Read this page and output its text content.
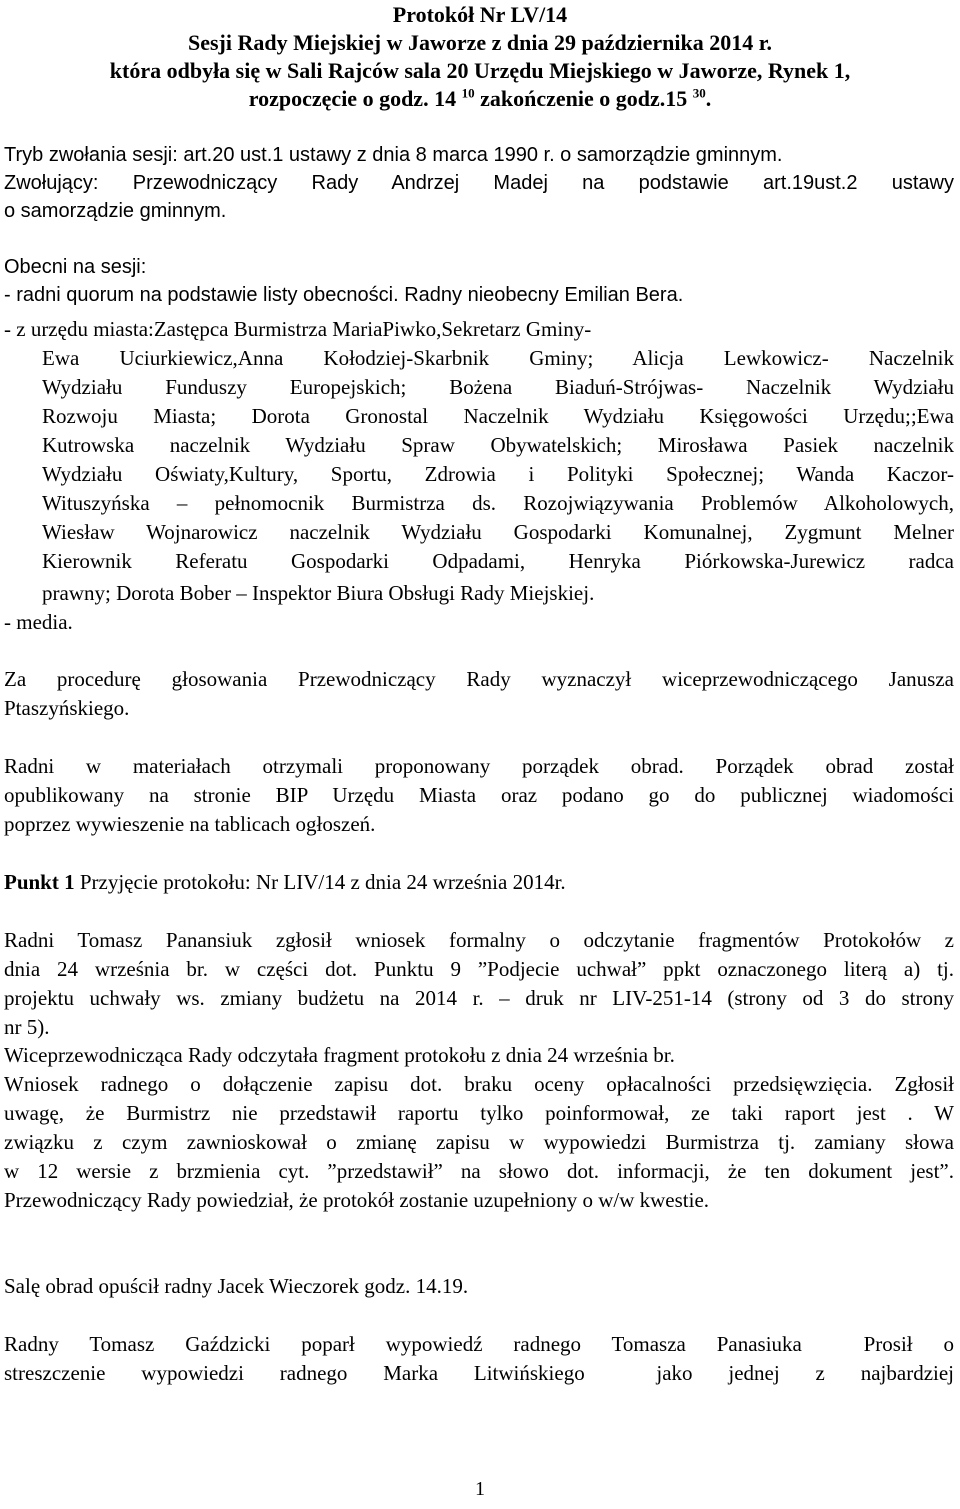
Protokół Nr LV/14
Sesji Rady Miejskiej w Jaworze z dnia 29 października 2014 r.
która odbyła się w Sali Rajców sala 20 Urzędu Miejskiego w Jaworze, Rynek 1,
rozpoczęcie o godz. 14 $^{10}$ zakończenie o godz.15 $^{30}$.
Tryb zwołania sesji: art.20 ust.1 ustawy z dnia 8 marca 1990 r. o samorządzie gminnym.
Zwołujący: Przewodniczący Rady Andrzej Madej na podstawie art.19ust.2 ustawy
o samorządzie gminnym.
Obecni na sesji:
- radni quorum na podstawie listy obecności. Radny nieobecny Emilian Bera.
- z urzędu miasta:Zastępca Burmistrza MariaPiwko,Sekretarz Gminy-
Ewa Uciurkiewicz,Anna Kołodziej-Skarbnik Gminy; Alicja Lewkowicz- Naczelnik
Wydziału Funduszy Europejskich; Bożena Biaduń-Strójwas- Naczelnik Wydziału
Rozwoju Miasta; Dorota Gronostal Naczelnik Wydziału Księgowości Urzędu;;Ewa
Kutrowska naczelnik Wydziału Spraw Obywatelskich; Mirosława Pasiek naczelnik
Wydziału Oświaty,Kultury, Sportu, Zdrowia i Polityki Społecznej; Wanda Kaczor-
Wituszyńska – pełnomocnik Burmistrza ds. Rozojwiązywania Problemów Alkoholowych,
Wiesław Wojnarowicz naczelnik Wydziału Gospodarki Komunalnej, Zygmunt Melner
Kierownik Referatu Gospodarki Odpadami, Henryka Piórkowska-Jurewicz radca
prawny; Dorota Bober – Inspektor Biura Obsługi Rady Miejskiej.
- media.
Za procedurę głosowania Przewodniczący Rady wyznaczył wiceprzewodniczącego Janusza
Ptaszyńskiego.
Radni w materiałach otrzymali proponowany porządek obrad. Porządek obrad został
opublikowany na stronie BIP Urzędu Miasta oraz podano go do publicznej wiadomości
poprzez wywieszenie na tablicach ogłoszeń.
Punkt 1 Przyjęcie protokołu: Nr LIV/14 z dnia 24 września 2014r.
Radni Tomasz Panansiuk zgłosił wniosek formalny o odczytanie fragmentów Protokołów z
dnia 24 września br. w części dot. Punktu 9 ”Podjecie uchwał” ppkt oznaczonego literą a) tj.
projektu uchwały ws. zmiany budżetu na 2014 r. – druk nr LIV-251-14 (strony od 3 do strony
nr 5).
Wiceprzewodnicząca Rady odczytała fragment protokołu z dnia 24 września br.
Wniosek radnego o dołączenie zapisu dot. braku oceny opłacalności przedsięwzięcia. Zgłosił
uwagę, że Burmistrz nie przedstawił raportu tylko poinformował, ze taki raport jest . W
związku z czym zawnioskował o zmianę zapisu w wypowiedzi Burmistrza tj. zamiany słowa
w 12 wersie z brzmienia cyt. ”przedstawił” na słowo dot. informacji, że ten dokument jest”.
Przewodniczący Rady powiedział, że protokół zostanie uzupełniony o w/w kwestie.
Salę obrad opuścił radny Jacek Wieczorek godz. 14.19.
Radny Tomasz Gaździcki poparł wypowiedź radnego Tomasza Panasiuka  Prosił o
streszczenie wypowiedzi radnego Marka Litwińskiego  jako jednej z najbardziej
1
